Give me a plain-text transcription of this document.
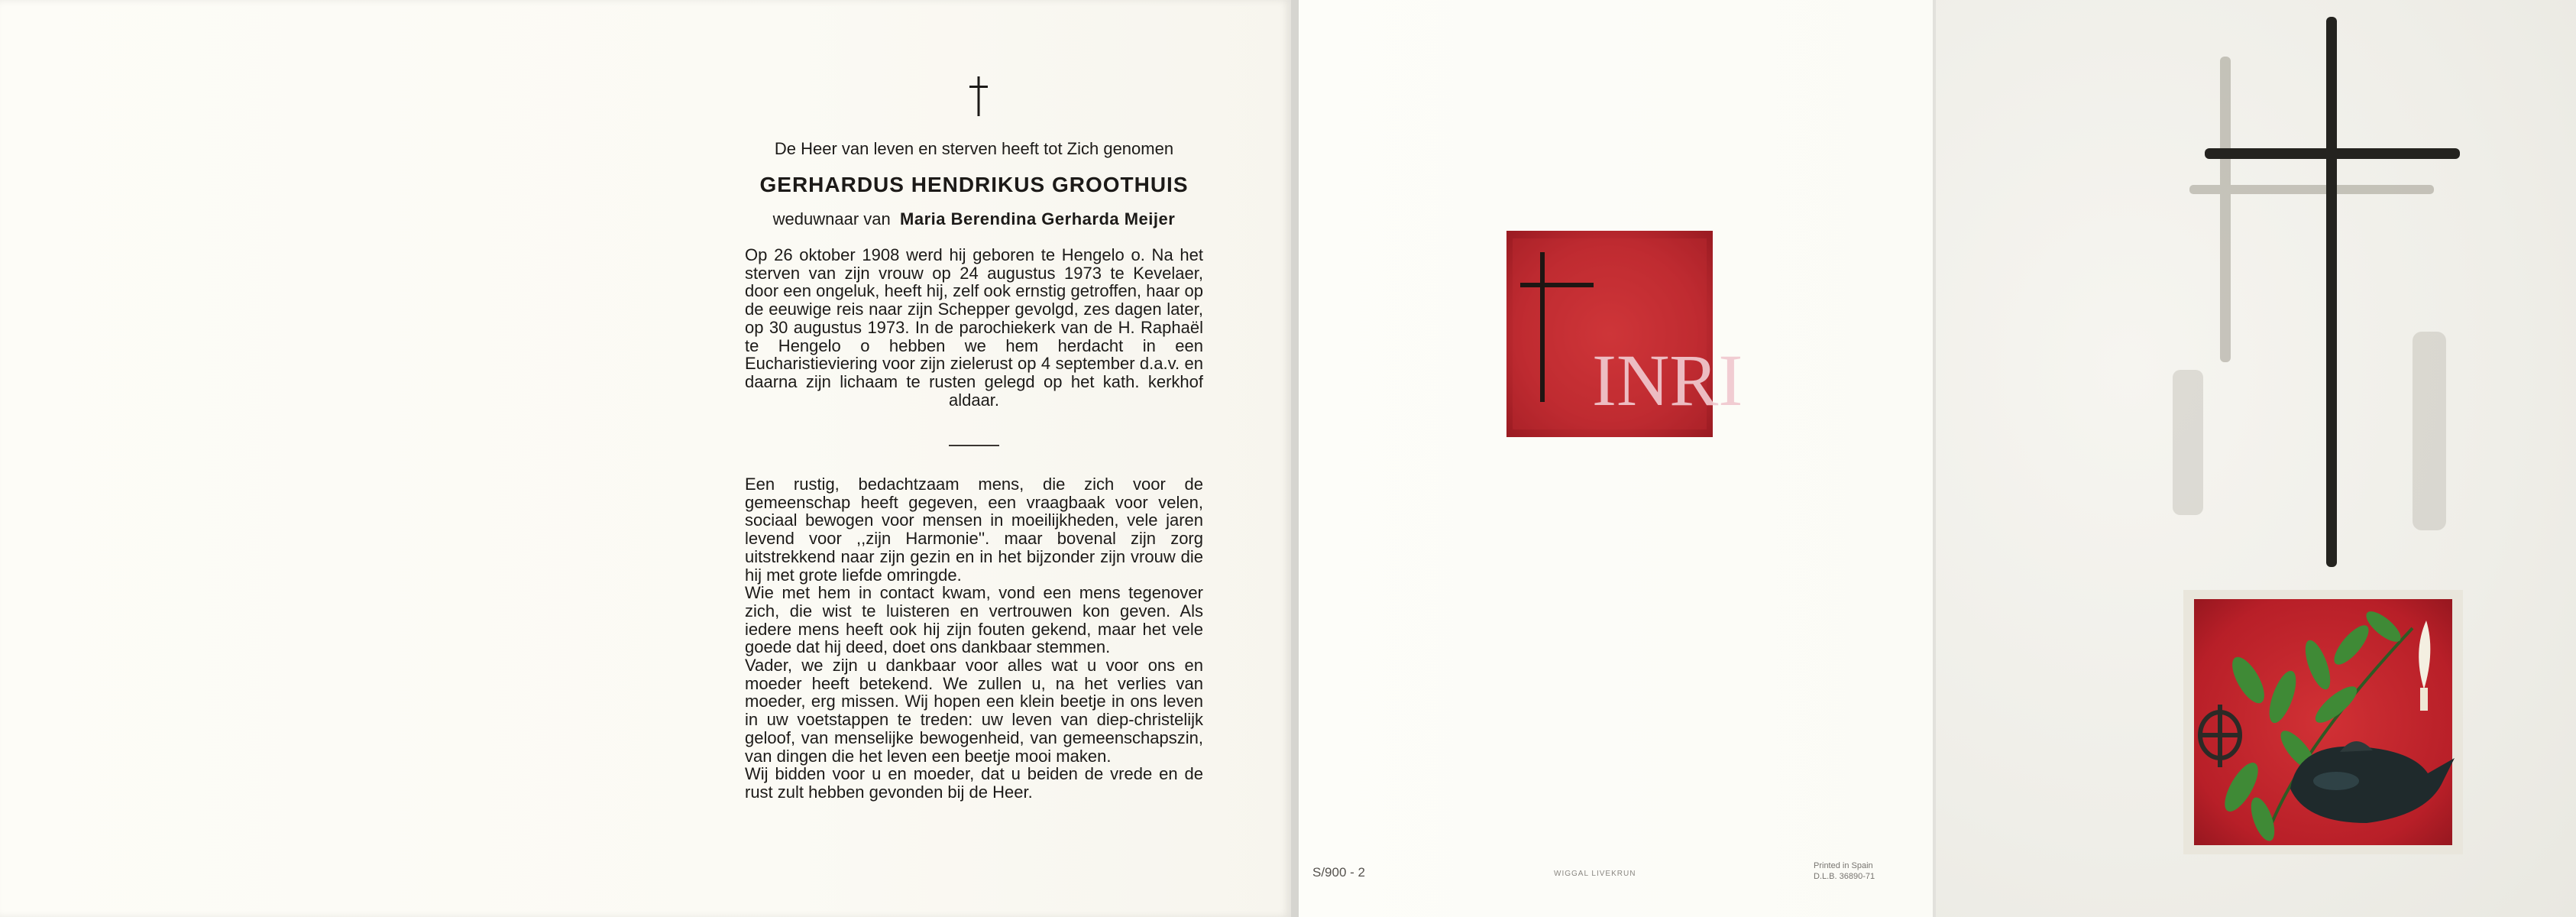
De Heer van leven en sterven heeft tot Zich genomen
GERHARDUS HENDRIKUS GROOTHUIS
weduwnaar van Maria Berendina Gerharda Meijer
Op 26 oktober 1908 werd hij geboren te Hengelo o. Na het sterven van zijn vrouw op 24 augustus 1973 te Kevelaer, door een ongeluk, heeft hij, zelf ook ernstig getroffen, haar op de eeuwige reis naar zijn Schepper gevolgd, zes dagen later, op 30 augustus 1973. In de parochiekerk van de H. Raphaël te Hengelo o hebben we hem herdacht in een Eucharistieviering voor zijn zielerust op 4 september d.a.v. en daarna zijn lichaam te rusten gelegd op het kath. kerkhof aldaar.

Een rustig, bedachtzaam mens, die zich voor de gemeenschap heeft gegeven, een vraagbaak voor velen, sociaal bewogen voor mensen in moeilijkheden, vele jaren levend voor ,,zijn Harmonie''. maar bovenal zijn zorg uitstrekkend naar zijn gezin en in het bijzonder zijn vrouw die hij met grote liefde omringde.

Wie met hem in contact kwam, vond een mens tegenover zich, die wist te luisteren en vertrouwen kon geven. Als iedere mens heeft ook hij zijn fouten gekend, maar het vele goede dat hij deed, doet ons dankbaar stemmen.

Vader, we zijn u dankbaar voor alles wat u voor ons en moeder heeft betekend. We zullen u, na het verlies van moeder, erg missen. Wij hopen een klein beetje in ons leven in uw voetstappen te treden: uw leven van diep-christelijk geloof, van menselijke bewogenheid, van gemeenschapszin, van dingen die het leven een beetje mooi maken.

Wij bidden voor u en moeder, dat u beiden de vrede en de rust zult hebben gevonden bij de Heer.

INRI
S/900 - 2	WIGGAL LIVEKRUN
Printed in Spain
D.L.B. 36890-71
